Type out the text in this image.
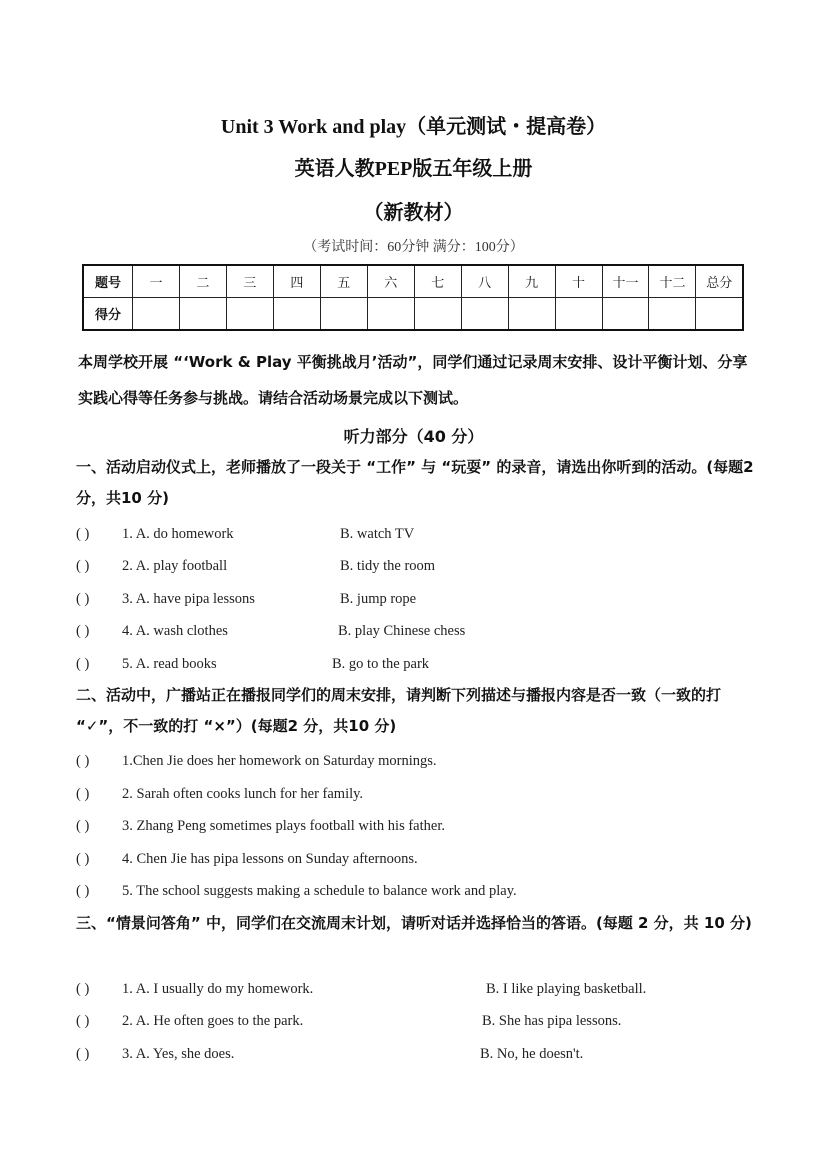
Unit 3 Work and play（单元测试・提高卷）
英语人教PEP版五年级上册
（新教材）
（考试时间：60分钟 满分：100分）
题号	一	二	三	四	五	六	七	八	九	十	十一	十二	总分
得分													
本周学校开展 “‘Work & Play 平衡挑战月’活动”，同学们通过记录周末安排、设计平衡计划、分享实践心得等任务参与挑战。请结合活动场景完成以下测试。
听力部分（40 分）
一、活动启动仪式上，老师播放了一段关于 “工作” 与 “玩耍” 的录音，请选出你听到的活动。(每题2 分，共10 分)
( ) 1. A. do homework	B. watch TV
( ) 2. A. play football	B. tidy the room
( ) 3. A. have pipa lessons	B. jump rope
( ) 4. A. wash clothes	B. play Chinese chess
( ) 5. A. read books	B. go to the park
二、活动中，广播站正在播报同学们的周末安排，请判断下列描述与播报内容是否一致（一致的打 “✓”，不一致的打 “×”）(每题2 分，共10 分)
( ) 1.Chen Jie does her homework on Saturday mornings.
( ) 2. Sarah often cooks lunch for her family.
( ) 3. Zhang Peng sometimes plays football with his father.
( ) 4. Chen Jie has pipa lessons on Sunday afternoons.
( ) 5. The school suggests making a schedule to balance work and play.
三、“情景问答角” 中，同学们在交流周末计划，请听对话并选择恰当的答语。(每题 2 分，共 10 分)
( ) 1. A. I usually do my homework.	B. I like playing basketball.
( ) 2. A. He often goes to the park.	B. She has pipa lessons.
( ) 3. A. Yes, she does.	B. No, he doesn't.
